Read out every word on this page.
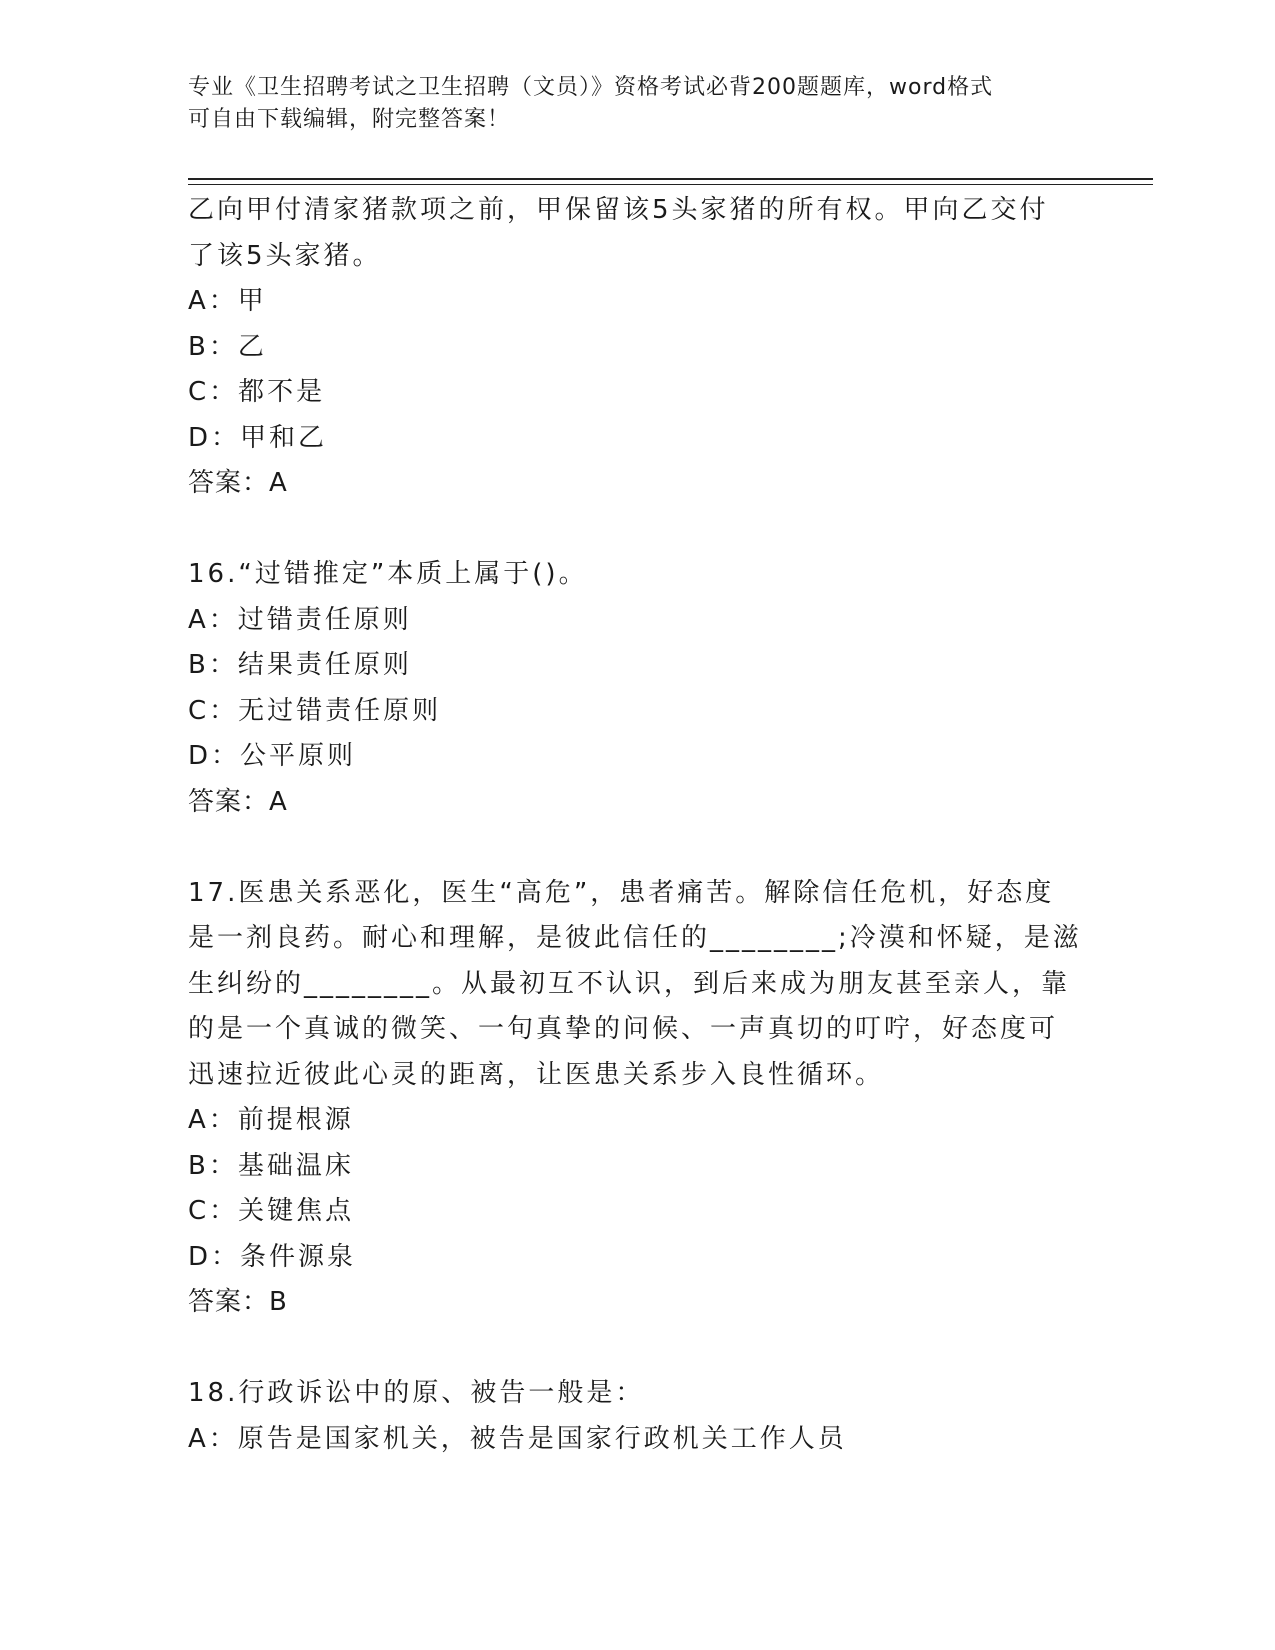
专业《卫生招聘考试之卫生招聘（文员）》资格考试必背200题题库，word格式
可自由下载编辑，附完整答案！
乙向甲付清家猪款项之前，甲保留该5头家猪的所有权。甲向乙交付
了该5头家猪。
A：甲
B：乙
C：都不是
D：甲和乙
答案：A
16.“过错推定”本质上属于()。
A：过错责任原则
B：结果责任原则
C：无过错责任原则
D：公平原则
答案：A
17.医患关系恶化，医生“高危”，患者痛苦。解除信任危机，好态度
是一剂良药。耐心和理解，是彼此信任的________;冷漠和怀疑，是滋
生纠纷的________。从最初互不认识，到后来成为朋友甚至亲人，靠
的是一个真诚的微笑、一句真挚的问候、一声真切的叮咛，好态度可
迅速拉近彼此心灵的距离，让医患关系步入良性循环。
A：前提根源
B：基础温床
C：关键焦点
D：条件源泉
答案：B
18.行政诉讼中的原、被告一般是：
A：原告是国家机关，被告是国家行政机关工作人员
